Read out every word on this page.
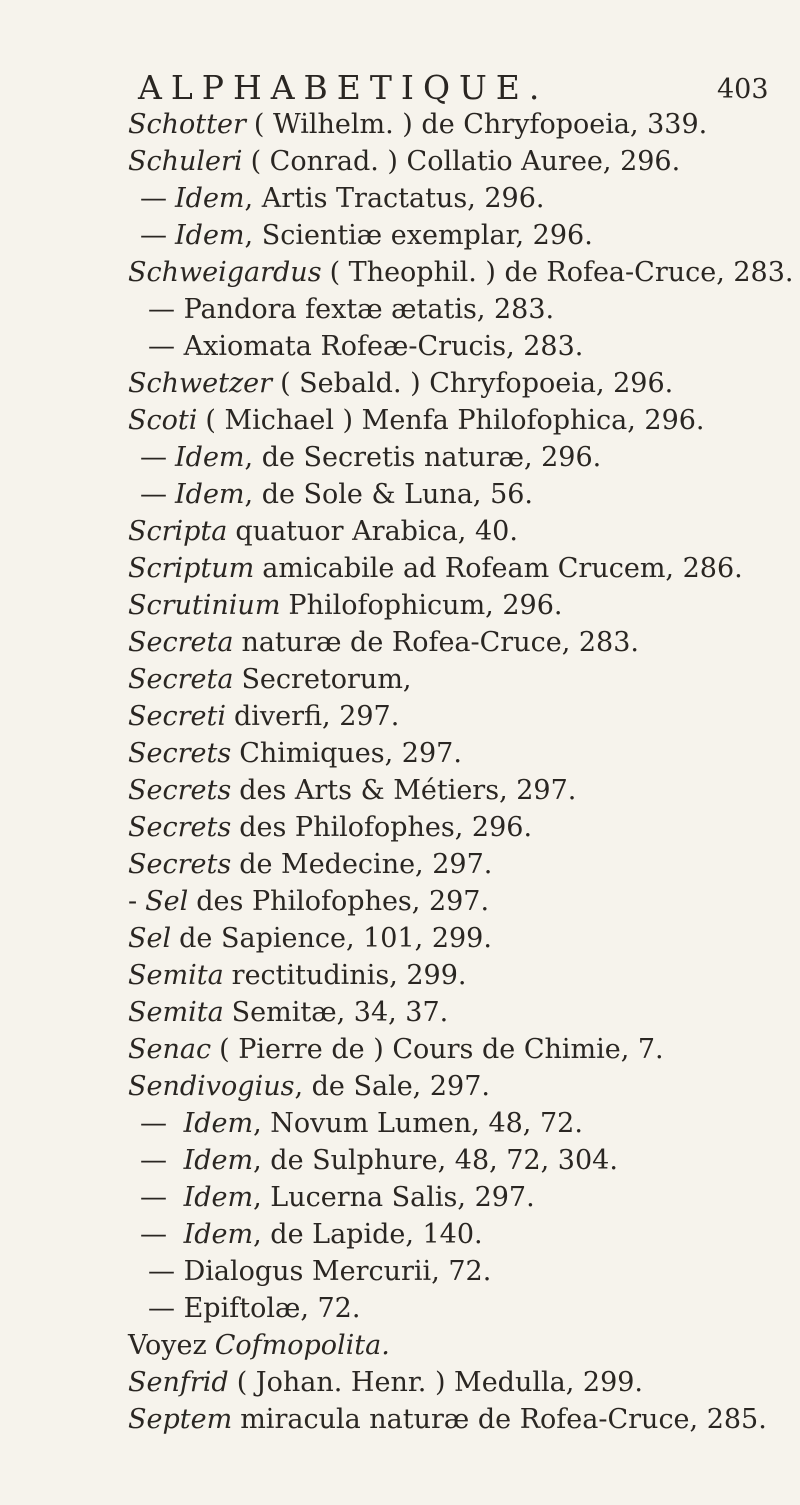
ALPHABETIQUE.	403
Schotter ( Wilhelm. ) de Chryfopoeia, 339.
Schuleri ( Conrad. ) Collatio Auree, 296.
— Idem, Artis Tractatus, 296.
— Idem, Scientiæ exemplar, 296.
Schweigardus ( Theophil. ) de Rofea-Cruce, 283.
— Pandora fextæ ætatis, 283.
— Axiomata Rofeæ-Crucis, 283.
Schwetzer ( Sebald. ) Chryfopoeia, 296.
Scoti ( Michael ) Menfa Philofophica, 296.
— Idem, de Secretis naturæ, 296.
— Idem, de Sole & Luna, 56.
Scripta quatuor Arabica, 40.
Scriptum amicabile ad Rofeam Crucem, 286.
Scrutinium Philofophicum, 296.
Secreta naturæ de Rofea-Cruce, 283.
Secreta Secretorum,
Secreti diverfi, 297.
Secrets Chimiques, 297.
Secrets des Arts & Métiers, 297.
Secrets des Philofophes, 296.
Secrets de Medecine, 297.
- Sel des Philofophes, 297.
Sel de Sapience, 101, 299.
Semita rectitudinis, 299.
Semita Semitæ, 34, 37.
Senac ( Pierre de ) Cours de Chimie, 7.
Sendivogius, de Sale, 297.
— Idem, Novum Lumen, 48, 72.
— Idem, de Sulphure, 48, 72, 304.
— Idem, Lucerna Salis, 297.
— Idem, de Lapide, 140.
— Dialogus Mercurii, 72.
— Epiftolæ, 72.
Voyez Cofmopolita.
Senfrid ( Johan. Henr. ) Medulla, 299.
Septem miracula naturæ de Rofea-Cruce, 285.
